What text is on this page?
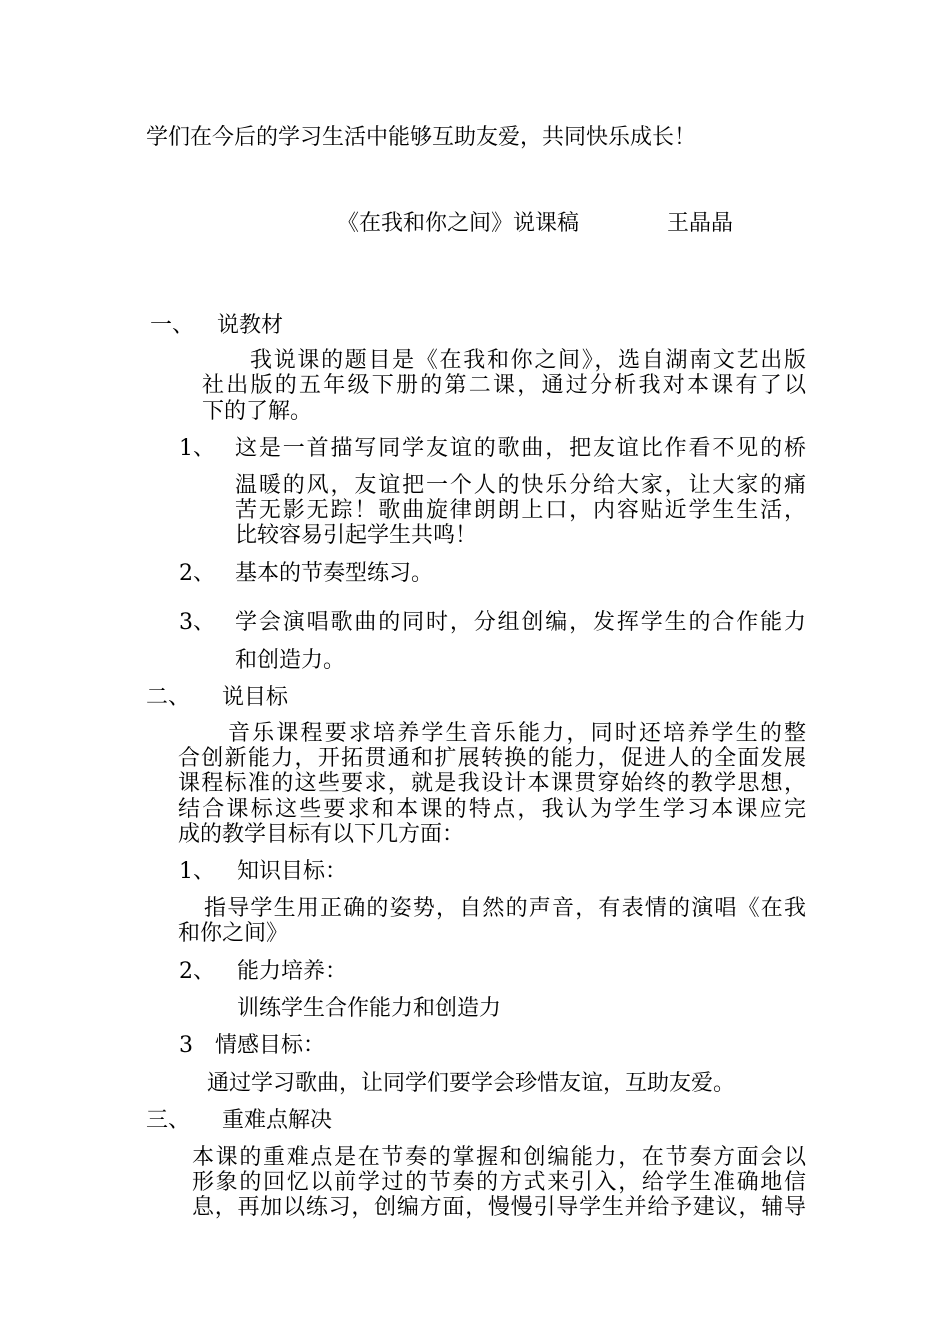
学们在今后的学习生活中能够互助友爱，共同快乐成长！
《在我和你之间》说课稿	王晶晶
一、 说教材
我说课的题目是《在我和你之间》，选自湖南文艺出版
社出版的五年级下册的第二课，通过分析我对本课有了以
下的了解。
1、 这是一首描写同学友谊的歌曲，把友谊比作看不见的桥
温暖的风，友谊把一个人的快乐分给大家，让大家的痛
苦无影无踪！歌曲旋律朗朗上口，内容贴近学生生活，
比较容易引起学生共鸣！
2、 基本的节奏型练习。
3、 学会演唱歌曲的同时，分组创编，发挥学生的合作能力
和创造力。
二、 说目标
音乐课程要求培养学生音乐能力，同时还培养学生的整
合创新能力，开拓贯通和扩展转换的能力，促进人的全面发展
课程标准的这些要求，就是我设计本课贯穿始终的教学思想，
结合课标这些要求和本课的特点，我认为学生学习本课应完
成的教学目标有以下几方面：
1、 知识目标：
指导学生用正确的姿势，自然的声音，有表情的演唱《在我
和你之间》
2、 能力培养：
训练学生合作能力和创造力
3 情感目标：
通过学习歌曲，让同学们要学会珍惜友谊，互助友爱。
三、 重难点解决
本课的重难点是在节奏的掌握和创编能力，在节奏方面会以
形象的回忆以前学过的节奏的方式来引入，给学生准确地信
息，再加以练习，创编方面，慢慢引导学生并给予建议，辅导
